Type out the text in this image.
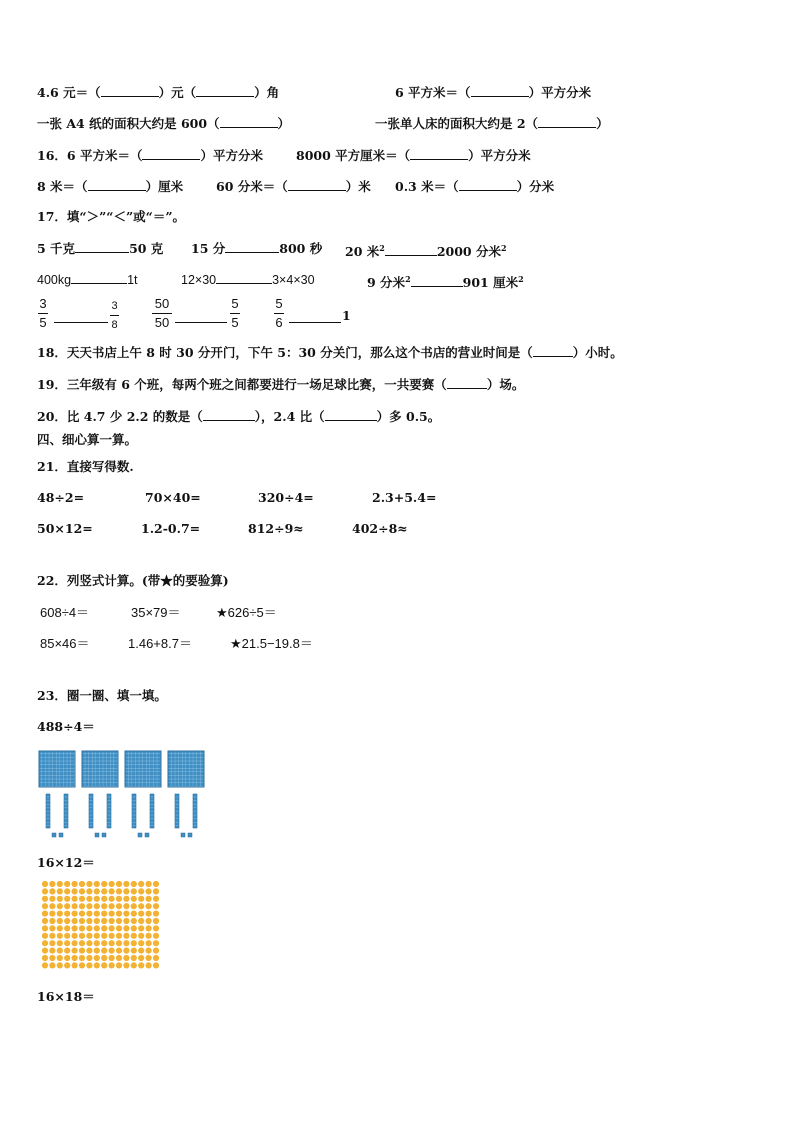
4.6 元＝（	）元（	）角	6 平方米＝（	）平方分米
一张 A4 纸的面积大约是 600（	）	一张单人床的面积大约是 2（	）
16．6 平方米＝（	）平方分米	8000 平方厘米＝（	）平方分米
8 米＝（	）厘米	60 分米＝（	）米 0.3 米＝（	）分米
17．填“＞”“＜”或“＝”。
5 千克	50 克 15 分	800 秒 20 米$^2$	2000 分米$^2$
400kg	1t	12×30	3×4×30	9 分米$^2$	901 厘米$^2$
3
5
3
8
50
50
5
5
5
6	1
18．天天书店上午 8 时 30 分开门，下午 5：30 分关门，那么这个书店的营业时间是（	）小时。
19．三年级有 6 个班，每两个班之间都要进行一场足球比赛，一共要赛（	）场。
20．比 4.7 少 2.2 的数是（	），2.4 比（	）多 0.5。
四、细心算一算。
21．直接写得数.
48÷2=	70×40=	320÷4=	2.3+5.4=
50×12=	1.2-0.7=	812÷9≈	402÷8≈
22．列竖式计算。(带★的要验算)
608÷4＝	35×79＝	★626÷5＝
85×46＝	1.46+8.7＝	★21.5−19.8＝
23．圈一圈、填一填。
488÷4＝
16×12＝
16×18＝
